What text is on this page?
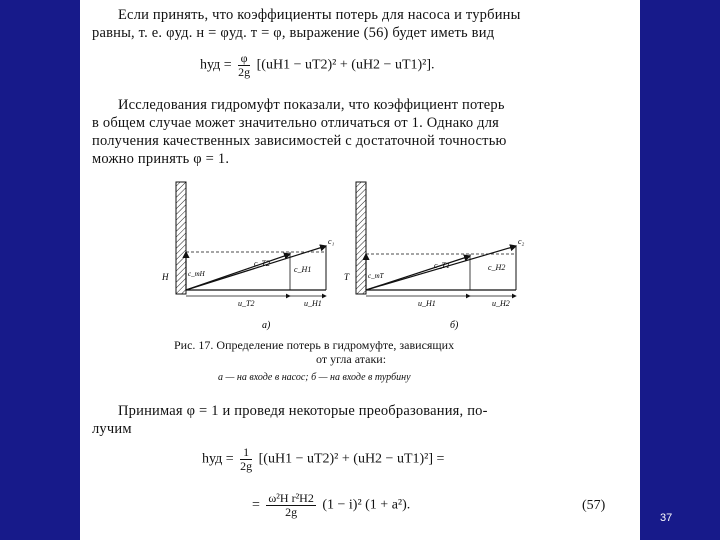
Если принять, что коэффициенты потерь для насоса и турбины
равны, т. е. φуд. н = φуд. т = φ, выражение (56) будет иметь вид

hуд = $\frac{\varphi}{2g} [(uН1 - uТ2)^2 + (uН2 - uТ1)^2]$.

Исследования гидромуфт показали, что коэффициент потерь
в общем случае может значительно отличаться от 1. Однако для
получения качественных зависимостей с достаточной точностью
можно принять φ = 1.

Н
c₁
c_T2
c_H1
c_mH
u_T2	u_H1
а)
Т
c₂
c_T1	c_H2
c_mT
u_H1	u_H2
б)
Рис. 17. Определение потерь в гидромуфте, зависящих
от угла атаки:
а — на входе в насос; б — на входе в турбину

Принимая φ = 1 и проведя некоторые преобразования, по-
лучим

hуд = $\frac{1}{2g} [(uН1 - uТ2)^2 + (uН2 - uТ1)^2]$ =
= $\frac{\text{ω²Н r²Н2}}{2g} (1 - i)^2$ (1 + a²).	(57)
37
